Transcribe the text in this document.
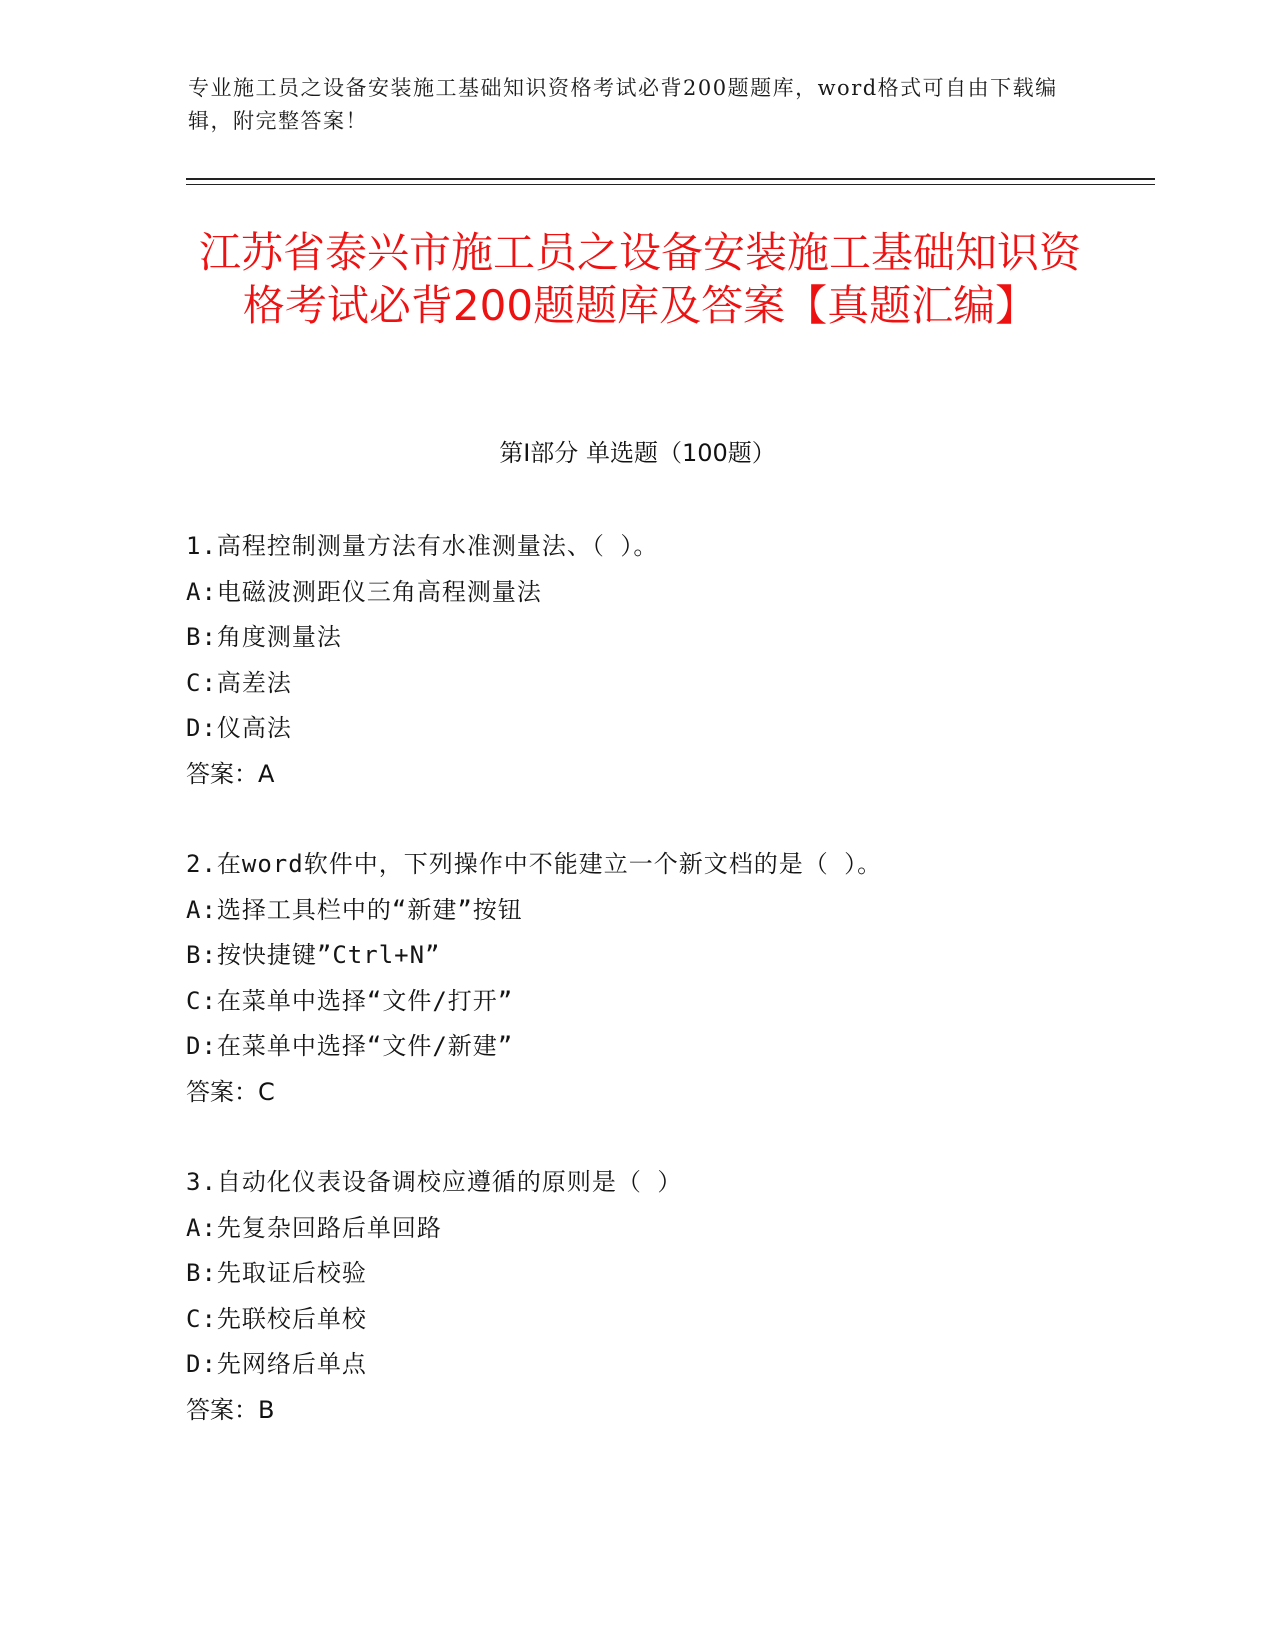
专业施工员之设备安装施工基础知识资格考试必背200题题库，word格式可自由下载编辑，附完整答案！
江苏省泰兴市施工员之设备安装施工基础知识资格考试必背200题题库及答案【真题汇编】
第Ⅰ部分 单选题（100题）
1.高程控制测量方法有水准测量法、（ ）。
A:电磁波测距仪三角高程测量法
B:角度测量法
C:高差法
D:仪高法
答案：A
2.在word软件中，下列操作中不能建立一个新文档的是（ ）。
A:选择工具栏中的“新建”按钮
B:按快捷键”Ctrl+N”
C:在菜单中选择“文件/打开”
D:在菜单中选择“文件/新建”
答案：C
3.自动化仪表设备调校应遵循的原则是（ ）
A:先复杂回路后单回路
B:先取证后校验
C:先联校后单校
D:先网络后单点
答案：B
